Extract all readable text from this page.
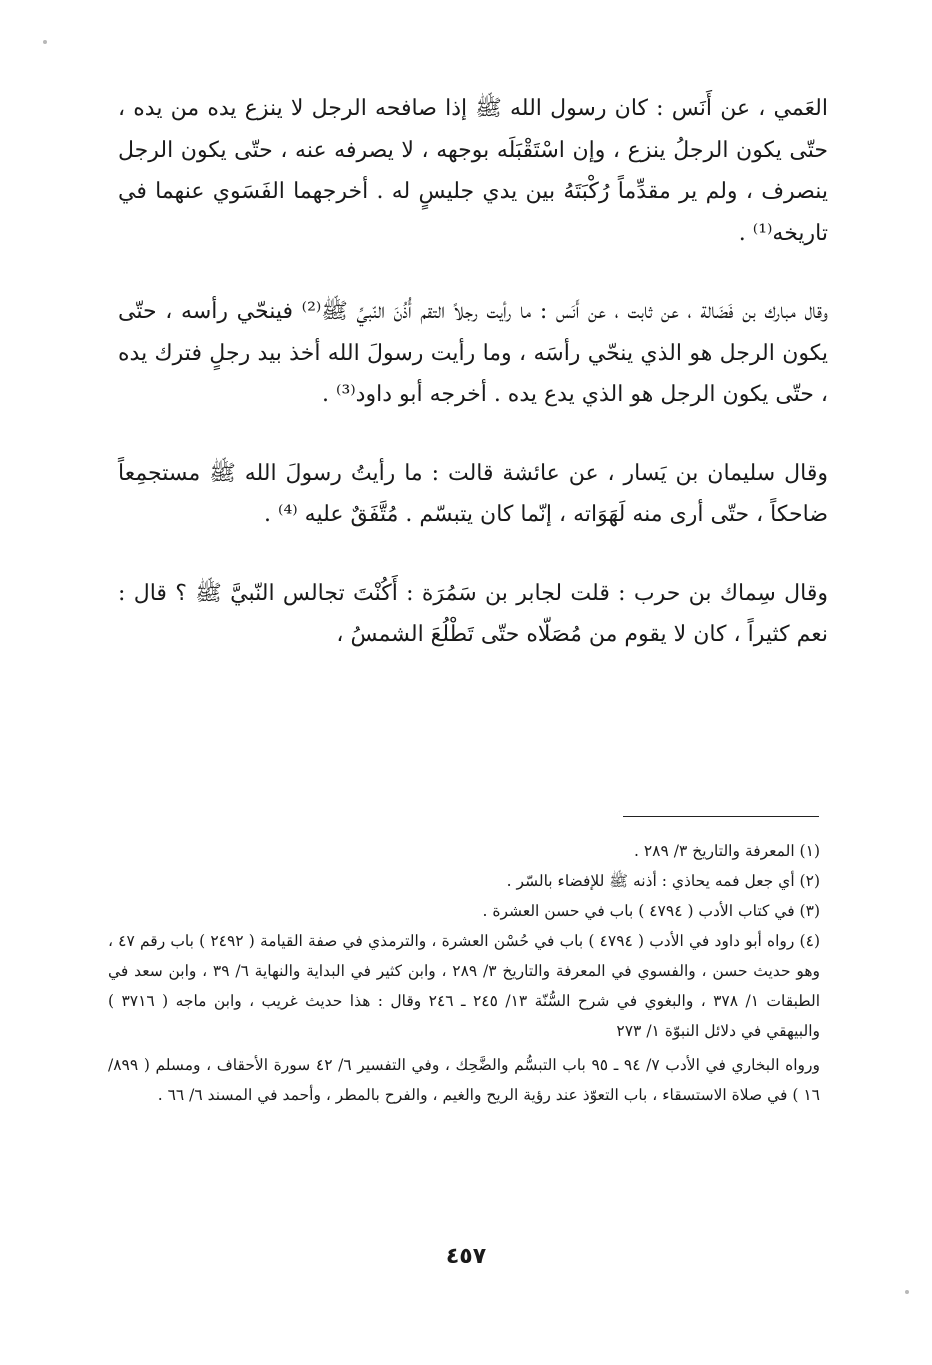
العَمي ، عن أَنَس : كان رسول الله ﷺ إذا صافحه الرجل لا ينزع يده من يده ، حتّى يكون الرجلُ ينزع ، وإن اسْتَقْبَلَه بوجهه ، لا يصرفه عنه ، حتّى يكون الرجل ينصرف ، ولم ير مقدِّماً رُكْبَتَهُ بين يدي جليسٍ له . أخرجهما الفَسَوي عنهما في تاريخه⁽¹⁾ .

وقال مبارك بن فَضَالة ، عن ثابت ، عن أَنَس : ما رأيت رجلاً التقم أُذُنَ النّبيِّ ﷺ⁽²⁾ فينحّي رأسه ، حتّى يكون الرجل هو الذي ينحّي رأسَه ، وما رأيت رسولَ الله أخذ بيد رجلٍ فترك يده ، حتّى يكون الرجل هو الذي يدع يده . أخرجه أبو داود⁽³⁾ .

وقال سليمان بن يَسار ، عن عائشة قالت : ما رأيتُ رسولَ الله ﷺ مستجمِعاً ضاحكاً ، حتّى أرى منه لَهَوَاته ، إنّما كان يتبسّم . مُتَّفَقٌ عليه ⁽⁴⁾ .

وقال سِماك بن حرب : قلت لجابر بن سَمُرَة : أَكُنْتَ تجالس النّبيَّ ﷺ ؟ قال : نعم كثيراً ، كان لا يقوم من مُصَلّاه حتّى تَطْلُعَ الشمسُ ،

(١) المعرفة والتاريخ ٣/ ٢٨٩ .

(٢) أي جعل فمه يحاذي : أذنه ﷺ للإفضاء بالسّر .

(٣) في كتاب الأدب ( ٤٧٩٤ ) باب في حسن العشرة .

(٤) رواه أبو داود في الأدب ( ٤٧٩٤ ) باب في حُسْن العشرة ، والترمذي في صفة القيامة ( ٢٤٩٢ ) باب رقم ٤٧ ، وهو حديث حسن ، والفسوي في المعرفة والتاريخ ٣/ ٢٨٩ ، وابن كثير في البداية والنهاية ٦/ ٣٩ ، وابن سعد في الطبقات ١/ ٣٧٨ ، والبغوي في شرح السُّنّة ١٣/ ٢٤٥ ـ ٢٤٦ وقال : هذا حديث غريب ، وابن ماجه ( ٣٧١٦ ) والبيهقي في دلائل النبوّة ١/ ٢٧٣

ورواه البخاري في الأدب ٧/ ٩٤ ـ ٩٥ باب التبسُّم والضَّحِك ، وفي التفسير ٦/ ٤٢ سورة الأحقاف ، ومسلم ( ٨٩٩/ ١٦ ) في صلاة الاستسقاء ، باب التعوّذ عند رؤية الريح والغيم ، والفرح بالمطر ، وأحمد في المسند ٦/ ٦٦ .

٤٥٧
